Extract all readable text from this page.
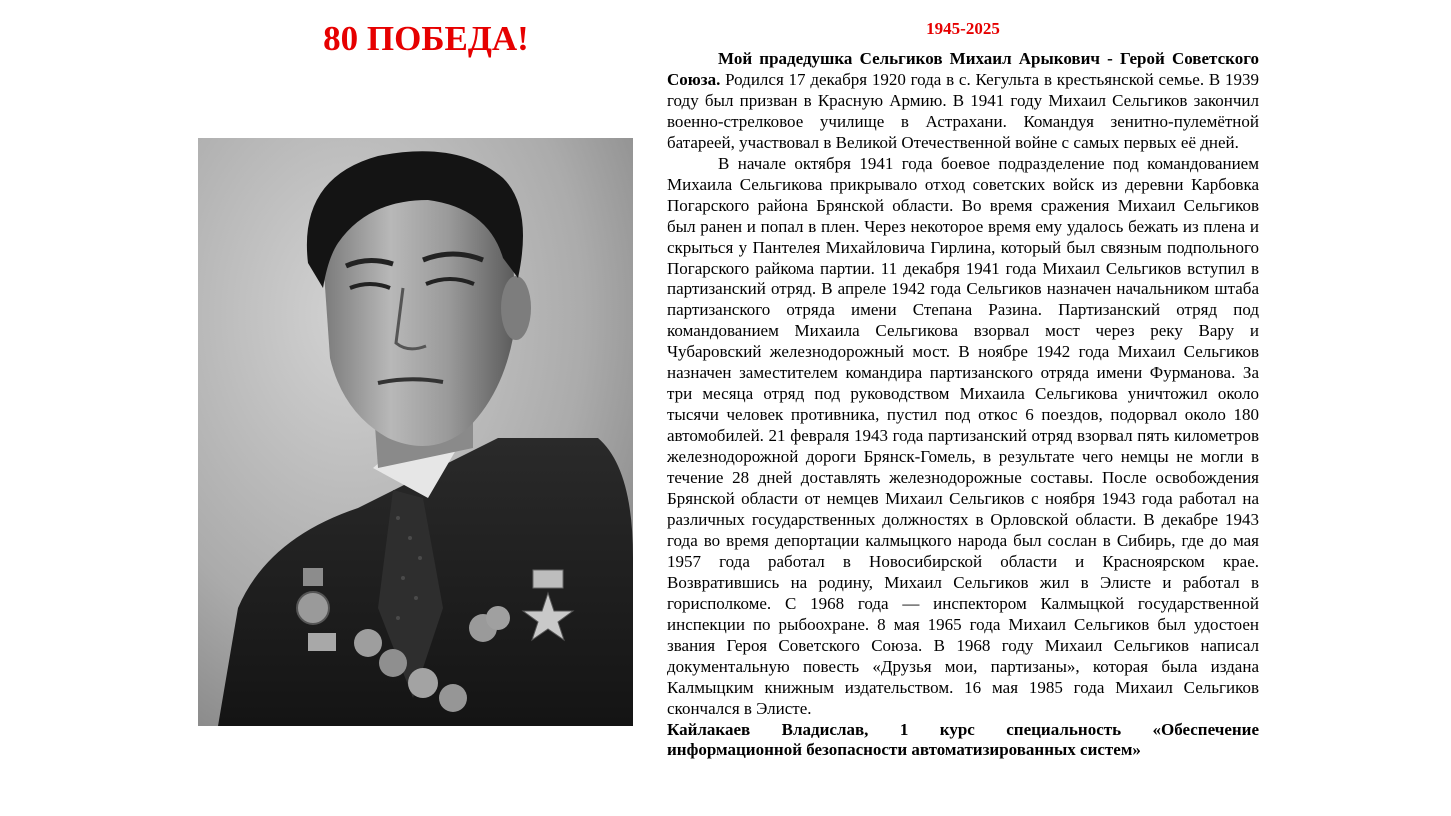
80 ПОБЕДА!	1945-2025

Мой прадедушка Сельгиков Михаил Арыкович - Герой Советского Союза. Родился 17 декабря 1920 года в с. Кегульта в крестьянской семье. В 1939 году был призван в Красную Армию. В 1941 году Михаил Сельгиков закончил военно-стрелковое училище в Астрахани. Командуя зенитно-пулемётной батареей, участвовал в Великой Отечественной войне с самых первых её дней.

В начале октября 1941 года боевое подразделение под командованием Михаила Сельгикова прикрывало отход советских войск из деревни Карбовка Погарского района Брянской области. Во время сражения Михаил Сельгиков был ранен и попал в плен. Через некоторое время ему удалось бежать из плена и скрыться у Пантелея Михайловича Гирлина, который был связным подпольного Погарского райкома партии. 11 декабря 1941 года Михаил Сельгиков вступил в партизанский отряд. В апреле 1942 года Сельгиков назначен начальником штаба партизанского отряда имени Степана Разина. Партизанский отряд под командованием Михаила Сельгикова взорвал мост через реку Вару и Чубаровский железнодорожный мост. В ноябре 1942 года Михаил Сельгиков назначен заместителем командира партизанского отряда имени Фурманова. За три месяца отряд под руководством Михаила Сельгикова уничтожил около тысячи человек противника, пустил под откос 6 поездов, подорвал около 180 автомобилей. 21 февраля 1943 года партизанский отряд взорвал пять километров железнодорожной дороги Брянск-Гомель, в результате чего немцы не могли в течение 28 дней доставлять железнодорожные составы. После освобождения Брянской области от немцев Михаил Сельгиков с ноября 1943 года работал на различных государственных должностях в Орловской области. В декабре 1943 года во время депортации калмыцкого народа был сослан в Сибирь, где до мая 1957 года работал в Новосибирской области и Красноярском крае. Возвратившись на родину, Михаил Сельгиков жил в Элисте и работал в горисполкоме. С 1968 года — инспектором Калмыцкой государственной инспекции по рыбоохране. 8 мая 1965 года Михаил Сельгиков был удостоен звания Героя Советского Союза. В 1968 году Михаил Сельгиков написал документальную повесть «Друзья мои, партизаны», которая была издана Калмыцким книжным издательством. 16 мая 1985 года Михаил Сельгиков скончался в Элисте.

Кайлакаев Владислав, 1 курс специальность «Обеспечение информационной безопасности автоматизированных систем»
